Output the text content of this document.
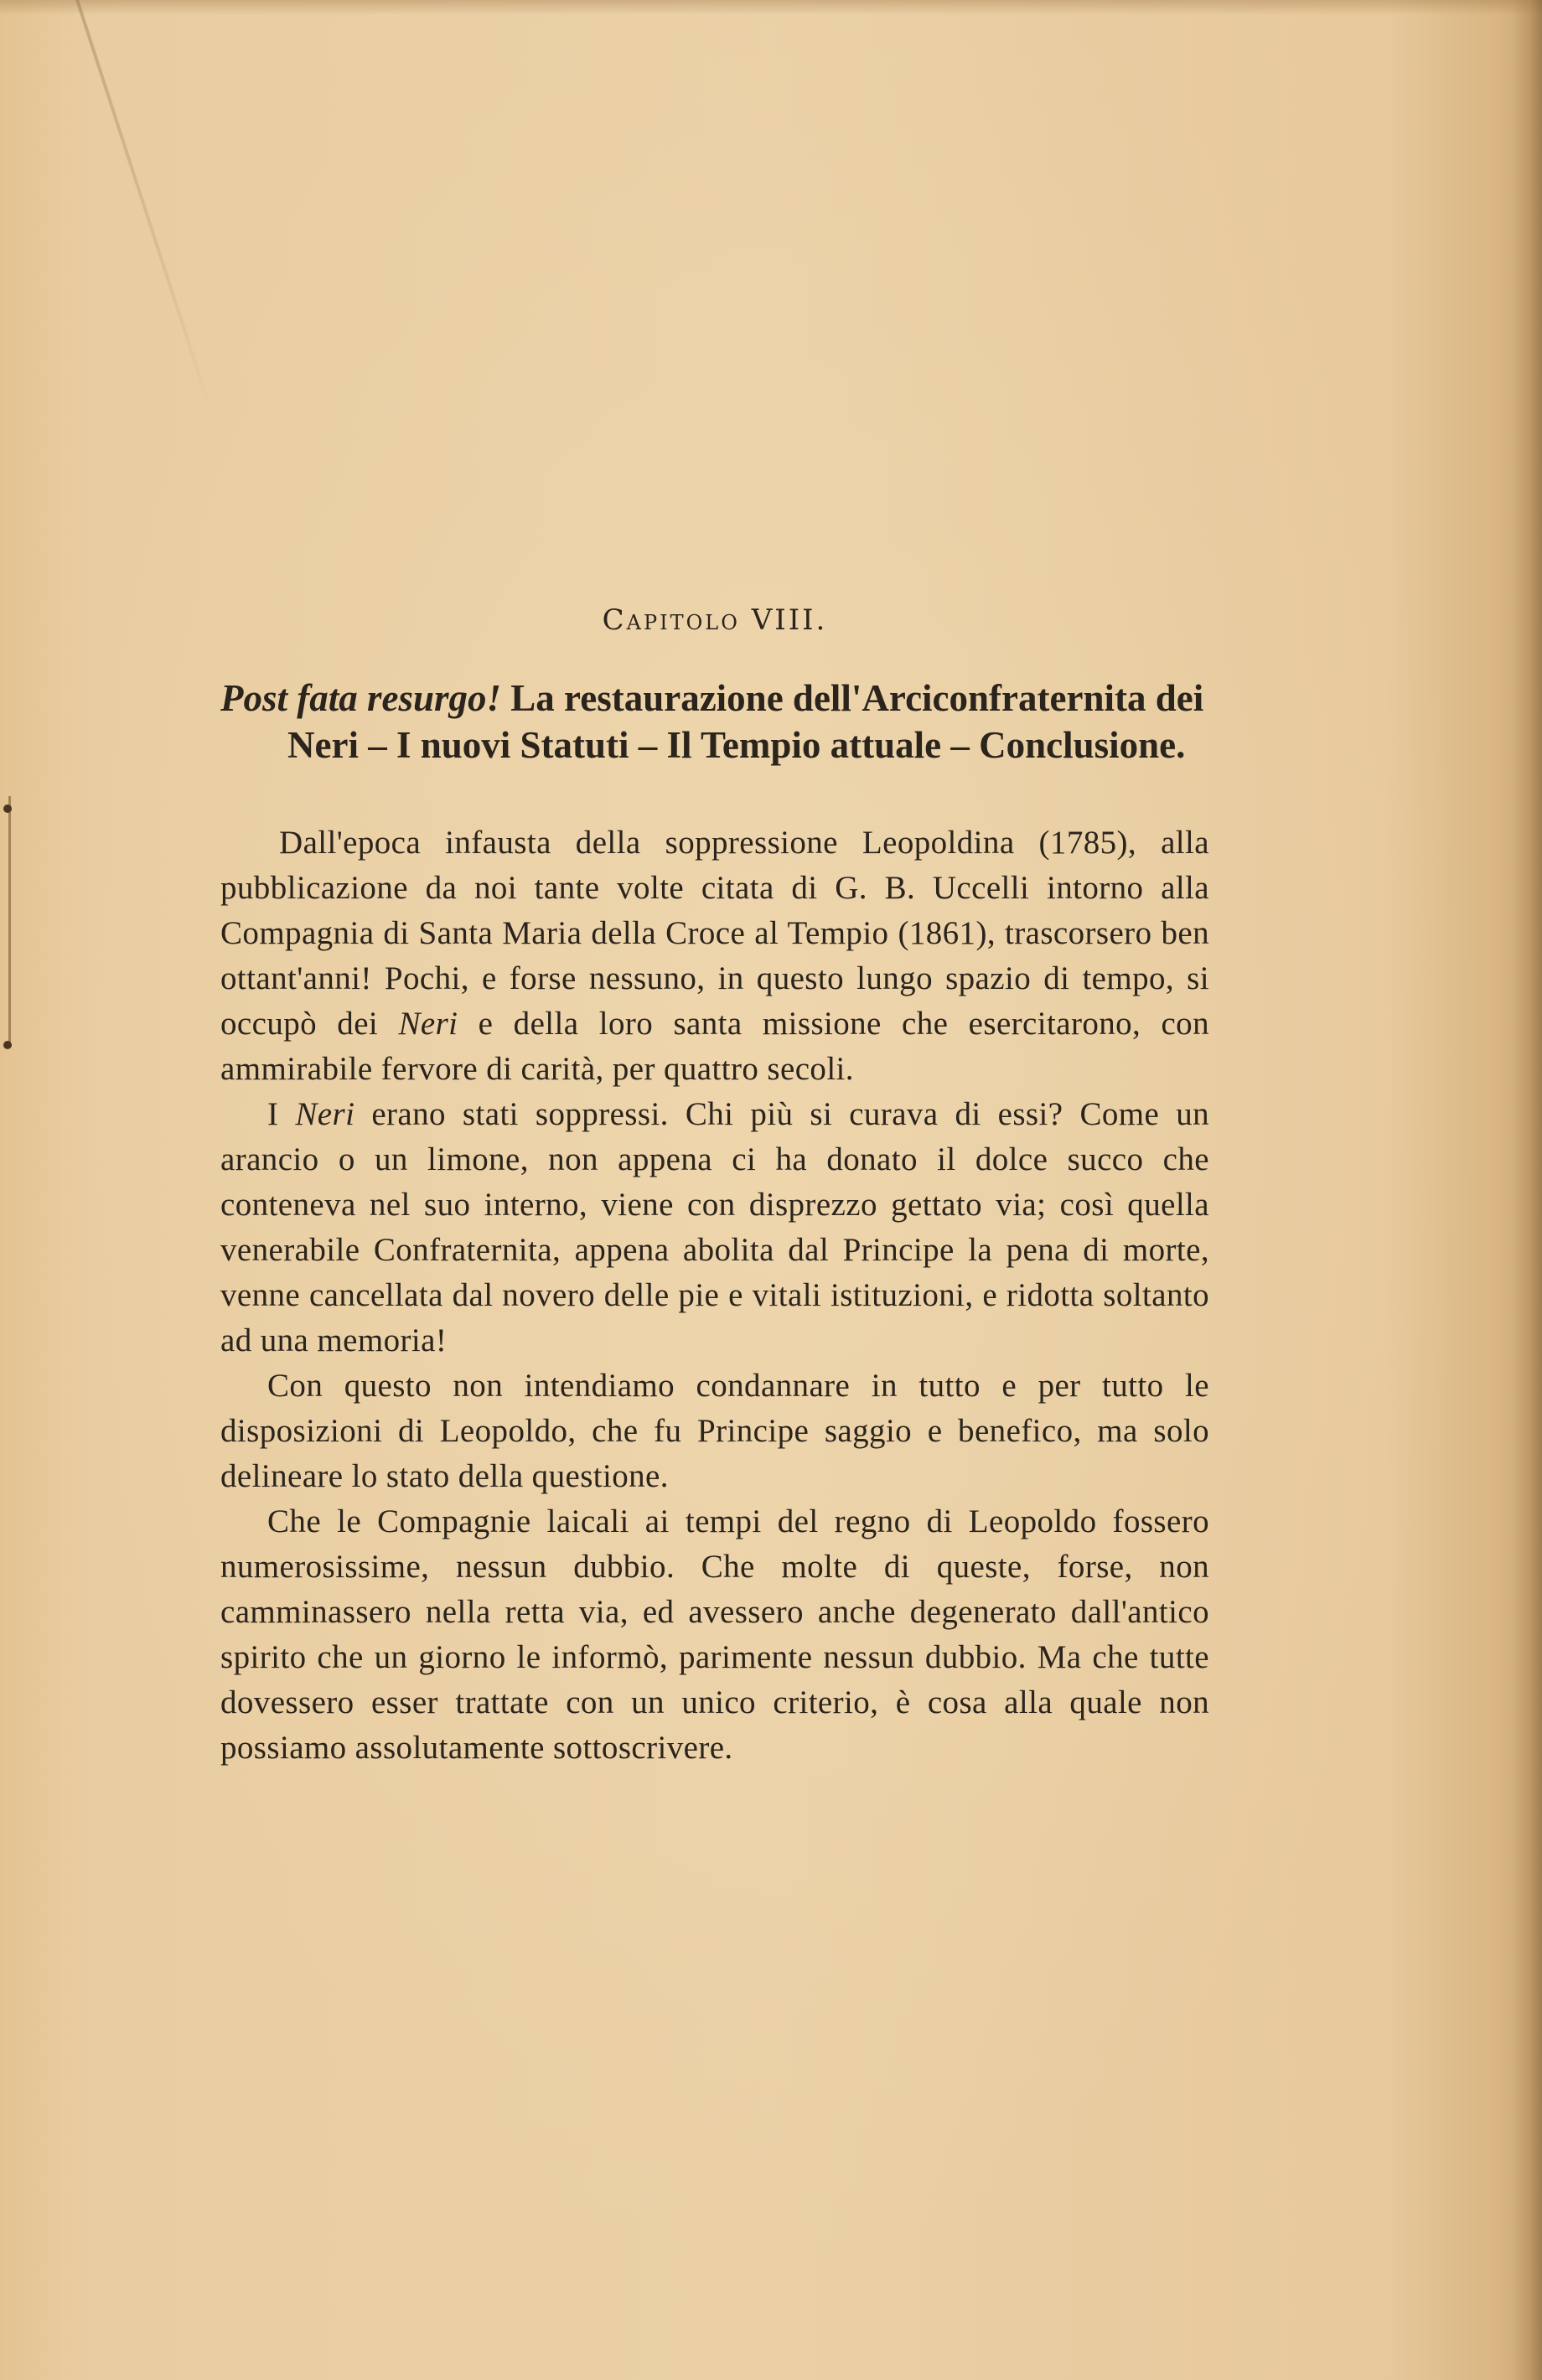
Capitolo VIII.

Post fata resurgo! La restaurazione dell'Arciconfraternita dei Neri – I nuovi Statuti – Il Tempio attuale – Conclusione.

Dall'epoca infausta della soppressione Leopoldina (1785), alla pubblicazione da noi tante volte citata di G. B. Uccelli intorno alla Compagnia di Santa Maria della Croce al Tempio (1861), trascorsero ben ottant'anni! Pochi, e forse nessuno, in questo lungo spazio di tempo, si occupò dei Neri e della loro santa missione che esercitarono, con ammirabile fervore di carità, per quattro secoli.

I Neri erano stati soppressi. Chi più si curava di essi? Come un arancio o un limone, non appena ci ha donato il dolce succo che conteneva nel suo interno, viene con disprezzo gettato via; così quella venerabile Confraternita, appena abolita dal Principe la pena di morte, venne cancellata dal novero delle pie e vitali istituzioni, e ridotta soltanto ad una memoria!

Con questo non intendiamo condannare in tutto e per tutto le disposizioni di Leopoldo, che fu Principe saggio e benefico, ma solo delineare lo stato della questione.

Che le Compagnie laicali ai tempi del regno di Leopoldo fossero numerosissime, nessun dubbio. Che molte di queste, forse, non camminassero nella retta via, ed avessero anche degenerato dall'antico spirito che un giorno le informò, parimente nessun dubbio. Ma che tutte dovessero esser trattate con un unico criterio, è cosa alla quale non possiamo assolutamente sottoscrivere.
